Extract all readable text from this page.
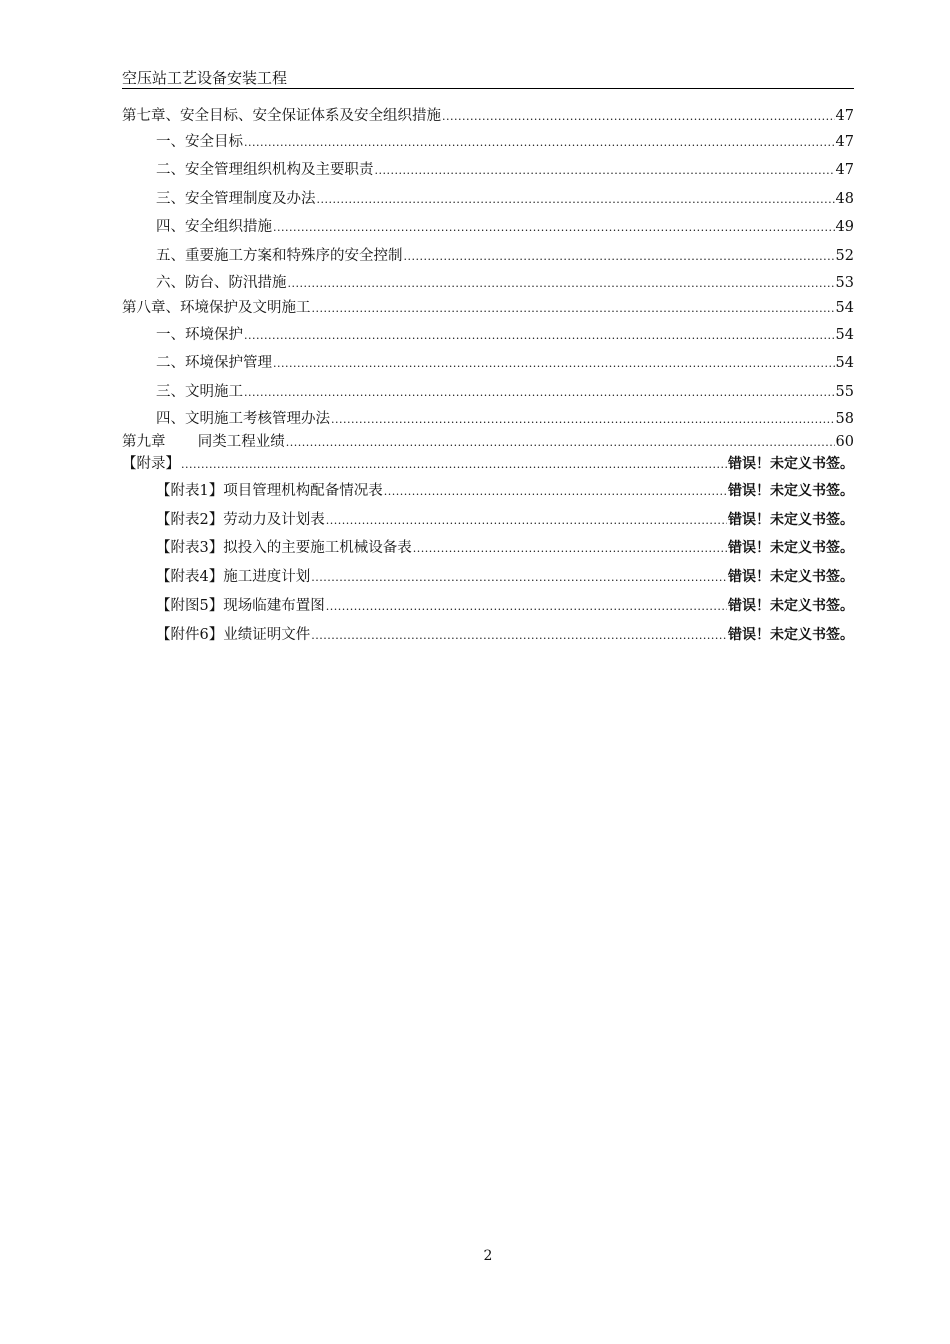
空压站工艺设备安装工程
第七章、安全目标、安全保证体系及安全组织措施 .....	47
一、安全目标 .....	47
二、安全管理组织机构及主要职责 .....	47
三、安全管理制度及办法 .....	48
四、安全组织措施 .....	49
五、重要施工方案和特殊序的安全控制 .....	52
六、防台、防汛措施 .....	53
第八章、环境保护及文明施工 .....	54
一、环境保护 .....	54
二、环境保护管理 .....	54
三、文明施工 .....	55
四、文明施工考核管理办法 .....	58
第九章       同类工程业绩 .....	60
【附录】 .....	错误！未定义书签。
【附表1】项目管理机构配备情况表 .....	错误！未定义书签。
【附表2】劳动力及计划表 .....	错误！未定义书签。
【附表3】拟投入的主要施工机械设备表 .....	错误！未定义书签。
【附表4】施工进度计划 .....	错误！未定义书签。
【附图5】现场临建布置图 .....	错误！未定义书签。
【附件6】业绩证明文件 .....	错误！未定义书签。
2
